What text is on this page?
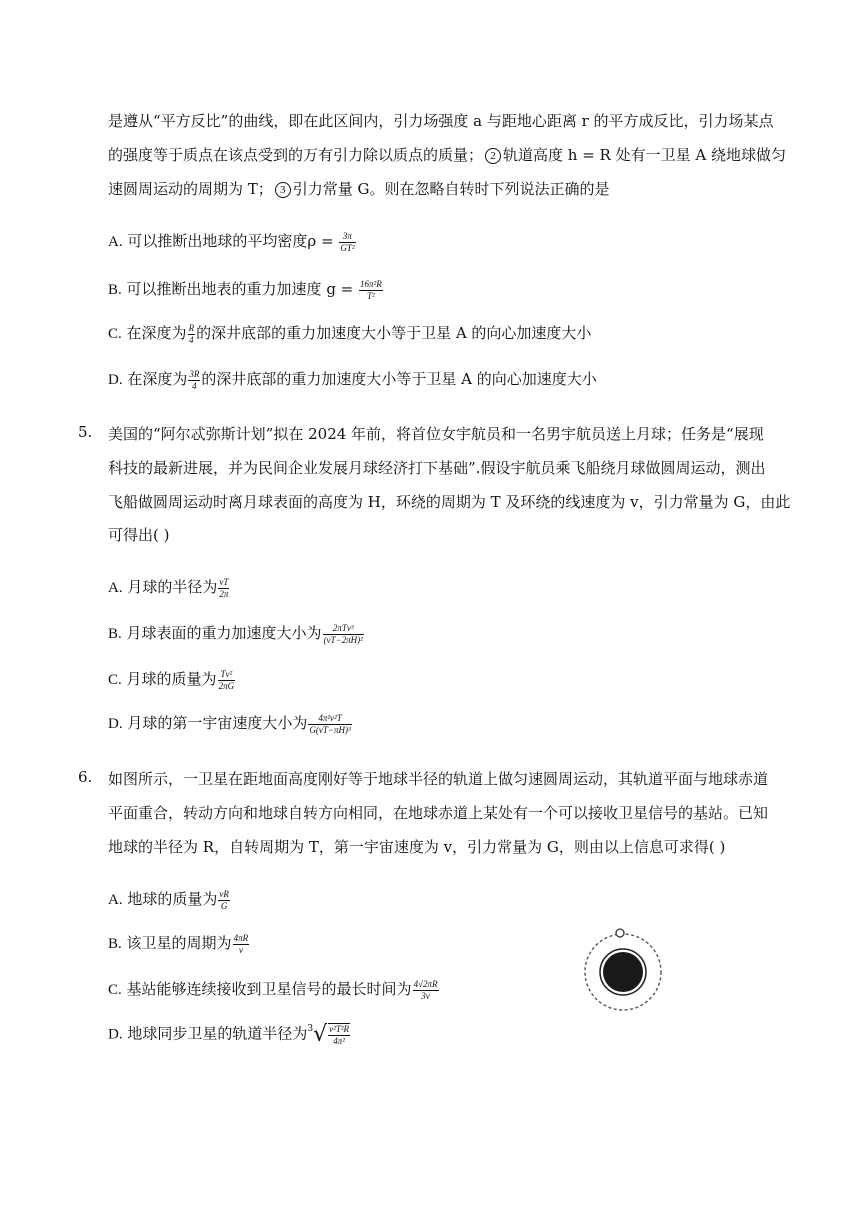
是遵从“平方反比”的曲线，即在此区间内，引力场强度 a 与距地心距离 r 的平方成反比，引力场某点
的强度等于质点在该点受到的万有引力除以质点的质量； 2 轨道高度 h = R 处有一卫星 A 绕地球做匀
速圆周运动的周期为 T； 3 引力常量 G。则在忽略自转时下列说法正确的是
A. 可以推断出地球的平均密度$\rho = \frac{3\pi}{\text{GT²}}$
B. 可以推断出地表的重力加速度 $g = \frac{\text{16π²R}}{\text{T²}}$
C. 在深度为 $\frac{R}{4}$ 的深井底部的重力加速度大小等于卫星 A 的向心加速度大小
D. 在深度为 $\frac{3R}{4}$ 的深井底部的重力加速度大小等于卫星 A 的向心加速度大小
5. 美国的“阿尔忒弥斯计划”拟在 2024 年前，将首位女宇航员和一名男宇航员送上月球；任务是“展现
科技的最新进展，并为民间企业发展月球经济打下基础”.假设宇航员乘飞船绕月球做圆周运动，测出
飞船做圆周运动时离月球表面的高度为 H，环绕的周期为 T 及环绕的线速度为 v，引力常量为 G，由此
可得出( )
A. 月球的半径为 $\frac{vT}{2\pi}$
B. 月球表面的重力加速度大小为 $\frac{\text{2πTv³}}{\text{(vT−2πH)²}}$
C. 月球的质量为 $\frac{\text{Tv²}}{2\pi G}$
D. 月球的第一宇宙速度大小为 $\frac{\text{4π²v²T}}{\text{G(vT−πH)³}}$
6. 如图所示，一卫星在距地面高度刚好等于地球半径的轨道上做匀速圆周运动，其轨道平面与地球赤道
平面重合，转动方向和地球自转方向相同，在地球赤道上某处有一个可以接收卫星信号的基站。已知
地球的半径为 R，自转周期为 T，第一宇宙速度为 v，引力常量为 G，则由以上信息可求得( )
A. 地球的质量为 $\frac{vR}{G}$
B. 该卫星的周期为 $\frac{4\pi R}{v}$
C. 基站能够连续接收到卫星信号的最长时间为 $\frac{4√2\pi R}{3v}$
D. 地球同步卫星的轨道半径为$3√ \frac{\text{v²T²R}}{\text{4π²}}$
